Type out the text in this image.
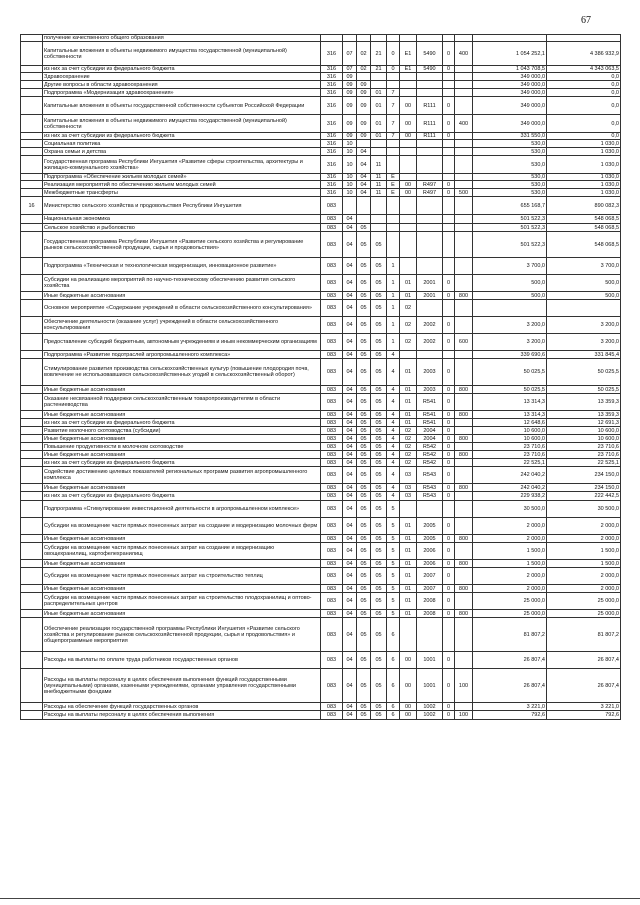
67
	получение качественного общего образования											
	Капитальные вложения в объекты недвижимого имущества государственной (муниципальной) собственности	316	07	02	21	0	E1	5490	0	400	1 054 252,1	4 386 932,9
	из них за счет субсидии из федерального бюджета	316	07	02	21	0	E1	5490	0		1 043 708,5	4 343 063,5
	Здравоохранение	316	09								349 000,0	0,0
	Другие вопросы в области здравоохранения	316	09	09							349 000,0	0,0
	Подпрограмма «Модернизация здравоохранения»	316	09	09	01	7					349 000,0	0,0
	Капитальные вложения в объекты государственной собственности субъектов Российской Федерации	316	09	09	01	7	00	R111	0		349 000,0	0,0
	Капитальные вложения в объекты недвижимого имущества государственной (муниципальной) собственности	316	09	09	01	7	00	R111	0	400	349 000,0	0,0
	из них за счет субсидии из федерального бюджета	316	09	09	01	7	00	R111	0		331 550,0	0,0
	Социальная политика	316	10								530,0	1 030,0
	Охрана семьи и детства	316	10	04							530,0	1 030,0
	Государственная программа Республики Ингушетия «Развитие сферы строительства, архитектуры и жилищно-коммунального хозяйства»	316	10	04	11						530,0	1 030,0
	Подпрограмма «Обеспечение жильем молодых семей»	316	10	04	11	E					530,0	1 030,0
	Реализация мероприятий по обеспечению жильем молодых семей	316	10	04	11	E	00	R497	0		530,0	1 030,0
	Межбюджетные трансферты	316	10	04	11	E	00	R497	0	500	530,0	1 030,0
16	Министерство сельского хозяйства и продовольствия Республики Ингушетия	083									655 168,7	890 082,3
	Национальная экономика	083	04								501 522,3	548 068,5
	Сельское хозяйство и рыболовство	083	04	05							501 522,3	548 068,5
	Государственная программа Республики Ингушетия «Развитие сельского хозяйства и регулирование рынков сельскохозяйственной продукции, сырья и продовольствия»	083	04	05	05						501 522,3	548 068,5
	Подпрограмма «Техническая и технологическая модернизация, инновационное развитие»	083	04	05	05	1					3 700,0	3 700,0
	Субсидии на реализацию мероприятий по научно-техническому обеспечению развития сельского хозяйства	083	04	05	05	1	01	2001	0		500,0	500,0
	Иные бюджетные ассигнования	083	04	05	05	1	01	2001	0	800	500,0	500,0
	Основное мероприятие «Содержание учреждений в области сельскохозяйственного консультирования»	083	04	05	05	1	02					
	Обеспечение деятельности (оказание услуг) учреждений в области сельскохозяйственного консультирования	083	04	05	05	1	02	2002	0		3 200,0	3 200,0
	Предоставление субсидий бюджетным, автономным учреждениям и иным некоммерческим организациям	083	04	05	05	1	02	2002	0	600	3 200,0	3 200,0
	Подпрограмма «Развитие подотраслей агропромышленного комплекса»	083	04	05	05	4					339 690,6	331 845,4
	Стимулирование развития производства сельскохозяйственных культур (повышение плодородия почв, вовлечение не использовавшихся сельскохозяйственных угодий в сельскохозяйственный оборот)	083	04	05	05	4	01	2003	0		50 025,5	50 025,5
	Иные бюджетные ассигнования	083	04	05	05	4	01	2003	0	800	50 025,5	50 025,5
	Оказание несвязанной поддержки сельскохозяйственным товаропроизводителям в области растениеводства	083	04	05	05	4	01	R541	0		13 314,3	13 359,3
	Иные бюджетные ассигнования	083	04	05	05	4	01	R541	0	800	13 314,3	13 359,3
	из них за счет субсидии из федерального бюджета	083	04	05	05	4	01	R541	0		12 648,6	12 691,3
	Развитие молочного скотоводства (субсидии)	083	04	05	05	4	02	2004	0		10 600,0	10 600,0
	Иные бюджетные ассигнования	083	04	05	05	4	02	2004	0	800	10 600,0	10 600,0
	Повышение продуктивности в молочном скотоводстве	083	04	05	05	4	02	R542	0		23 710,6	23 710,6
	Иные бюджетные ассигнования	083	04	05	05	4	02	R542	0	800	23 710,6	23 710,6
	из них за счет субсидии из федерального бюджета	083	04	05	05	4	02	R542	0		22 525,1	22 525,1
	Содействие достижению целевых показателей региональных программ развития агропромышленного комплекса	083	04	05	05	4	03	R543	0		242 040,2	234 150,0
	Иные бюджетные ассигнования	083	04	05	05	4	03	R543	0	800	242 040,2	234 150,0
	из них за счет субсидии из федерального бюджета	083	04	05	05	4	03	R543	0		229 938,2	222 442,5
	Подпрограмма «Стимулирование инвестиционной деятельности в агропромышленном комплексе»	083	04	05	05	5					30 500,0	30 500,0
	Субсидии на возмещение части прямых понесенных затрат на создание и модернизацию молочных ферм	083	04	05	05	5	01	2005	0		2 000,0	2 000,0
	Иные бюджетные ассигнования	083	04	05	05	5	01	2005	0	800	2 000,0	2 000,0
	Субсидии на возмещение части прямых понесенных затрат на создание и модернизацию овощехранилищ, картофелехранилищ	083	04	05	05	5	01	2006	0		1 500,0	1 500,0
	Иные бюджетные ассигнования	083	04	05	05	5	01	2006	0	800	1 500,0	1 500,0
	Субсидии на возмещение части прямых понесенных затрат на строительство теплиц	083	04	05	05	5	01	2007	0		2 000,0	2 000,0
	Иные бюджетные ассигнования	083	04	05	05	5	01	2007	0	800	2 000,0	2 000,0
	Субсидии на возмещение части прямых понесенных затрат на строительство плодохранилищ и оптово-распределительных центров	083	04	05	05	5	01	2008	0		25 000,0	25 000,0
	Иные бюджетные ассигнования	083	04	05	05	5	01	2008	0	800	25 000,0	25 000,0
	Обеспечение реализации государственной программы Республики Ингушетия «Развитие сельского хозяйства и регулирование рынков сельскохозяйственной продукции, сырья и продовольствия» и общепрограммные мероприятия	083	04	05	05	6					81 807,2	81 807,2
	Расходы на выплаты по оплате труда работников государственных органов	083	04	05	05	6	00	1001	0		26 807,4	26 807,4
	Расходы на выплаты персоналу в целях обеспечения выполнения функций государственными (муниципальными) органами, казенными учреждениями, органами управления государственными внебюджетными фондами	083	04	05	05	6	00	1001	0	100	26 807,4	26 807,4
	Расходы на обеспечение функций государственных органов	083	04	05	05	6	00	1002	0		3 221,0	3 221,0
	Расходы на выплаты персоналу в целях обеспечения выполнения	083	04	05	05	6	00	1002	0	100	792,6	792,6
